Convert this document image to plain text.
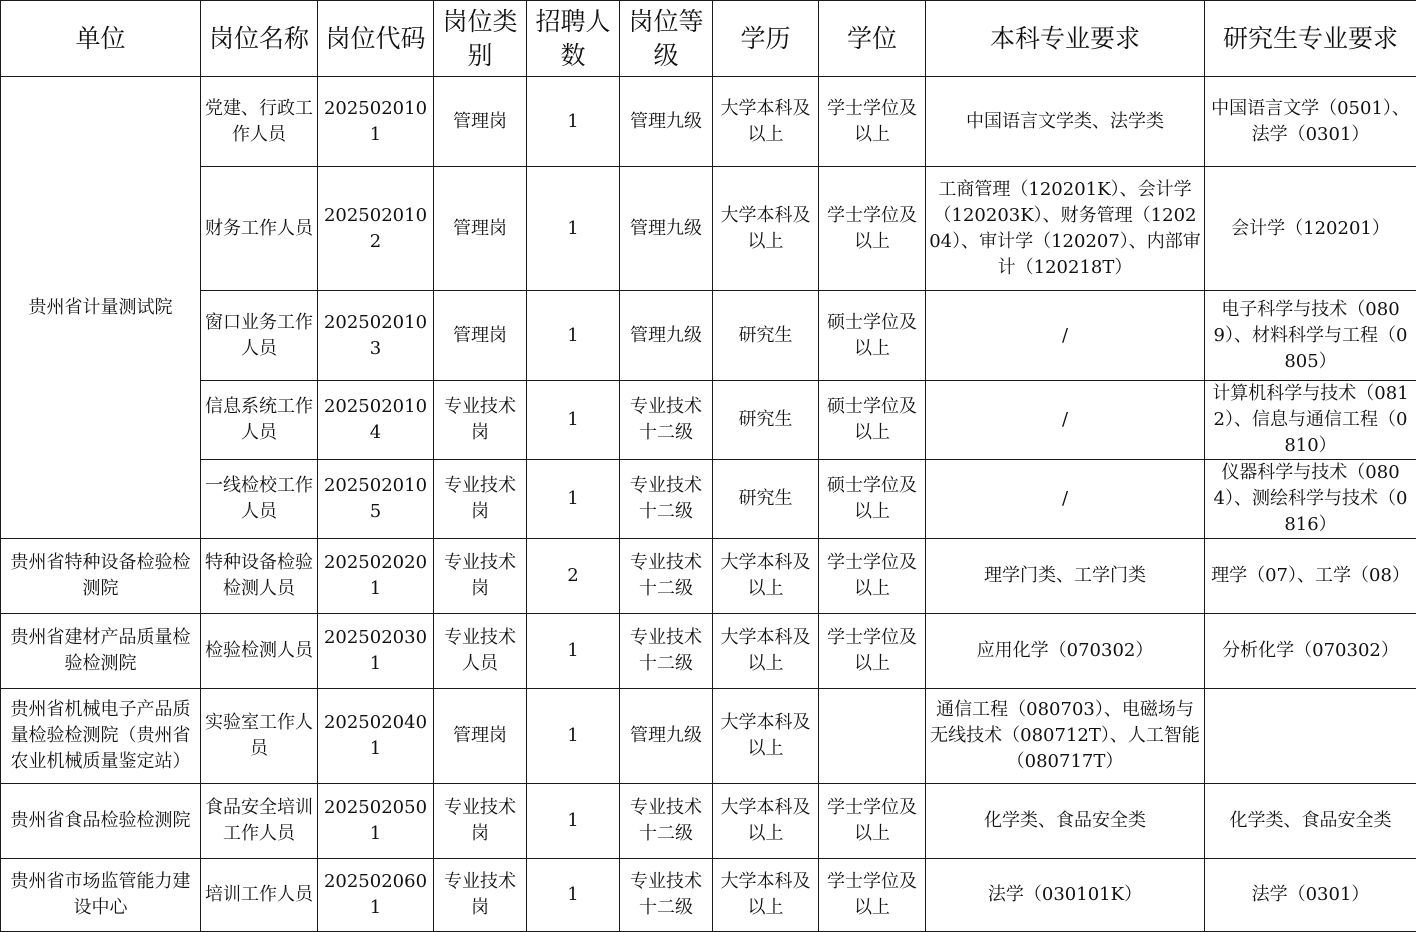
单位	岗位名称	岗位代码	岗位类别	招聘人数	岗位等级	学历	学位	本科专业要求	研究生专业要求
贵州省计量测试院	党建、行政工作人员	2025020101	管理岗	1	管理九级	大学本科及以上	学士学位及以上	中国语言文学类、法学类	中国语言文学（0501）、法学（0301）
	财务工作人员	2025020102	管理岗	1	管理九级	大学本科及以上	学士学位及以上	工商管理（120201K）、会计学（120203K）、财务管理（120204）、审计学（120207）、内部审计（120218T）	会计学（120201）
	窗口业务工作人员	2025020103	管理岗	1	管理九级	研究生	硕士学位及以上	/	电子科学与技术（0809）、材料科学与工程（0805）
	信息系统工作人员	2025020104	专业技术岗	1	专业技术十二级	研究生	硕士学位及以上	/	计算机科学与技术（0812）、信息与通信工程（0810）

	一线检校工作人员	2025020105	专业技术岗	1	专业技术十二级	研究生	硕士学位及以上	/	仪器科学与技术（0804）、测绘科学与技术（0816）

贵州省特种设备检验检测院	特种设备检验检测人员	2025020201	专业技术岗	2	专业技术十二级	大学本科及以上	学士学位及以上	理学门类、工学门类	理学（07）、工学（08）
贵州省建材产品质量检验检测院	检验检测人员	2025020301	专业技术人员	1	专业技术十二级	大学本科及以上	学士学位及以上	应用化学（070302）	分析化学（070302）

贵州省机械电子产品质量检验检测院（贵州省农业机械质量鉴定站）	实验室工作人员	2025020401	管理岗	1	管理九级	大学本科及以上		通信工程（080703）、电磁场与无线技术（080712T）、人工智能（080717T）	
贵州省食品检验检测院	食品安全培训工作人员	2025020501	专业技术岗	1	专业技术十二级	大学本科及以上	学士学位及以上	化学类、食品安全类	化学类、食品安全类
贵州省市场监管能力建设中心	培训工作人员	2025020601	专业技术岗	1	专业技术十二级	大学本科及以上	学士学位及以上	法学（030101K）	法学（0301）
